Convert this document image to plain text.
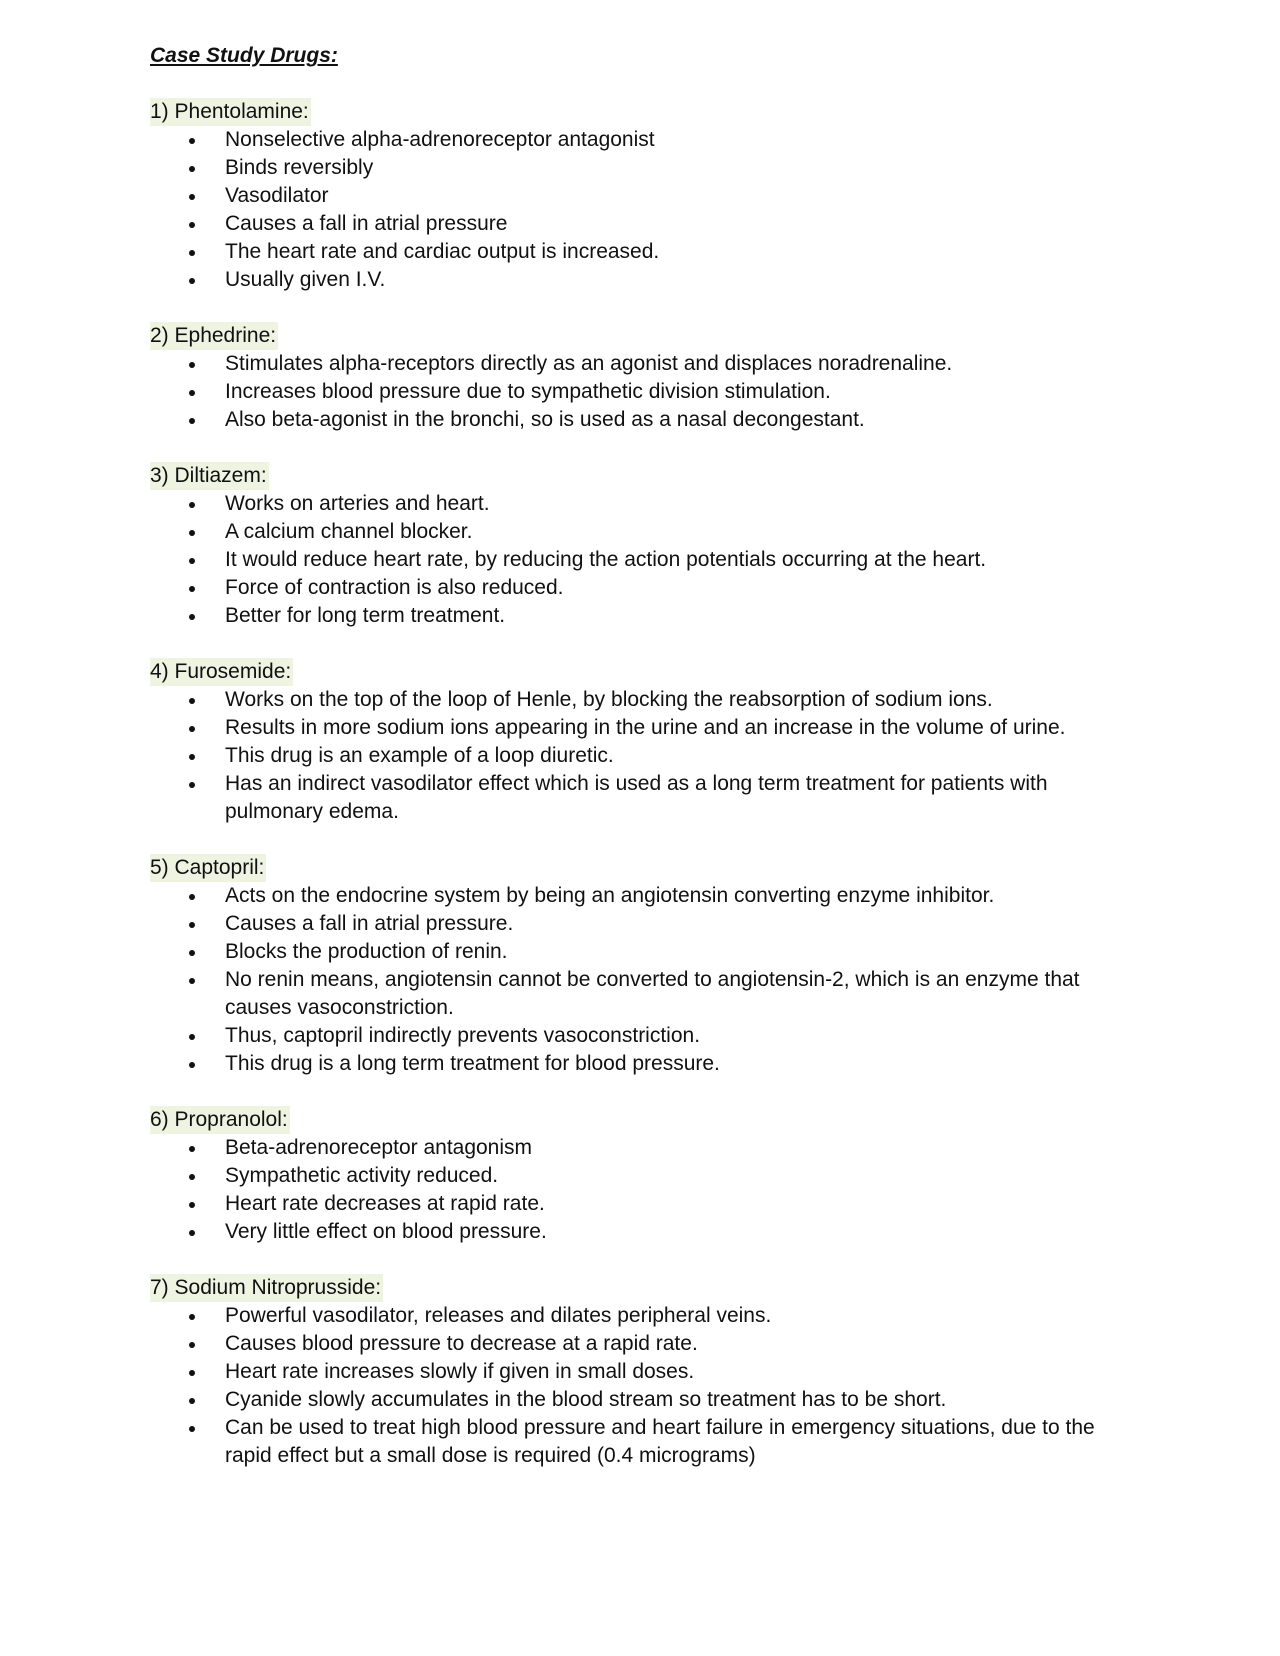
Case Study Drugs:
1) Phentolamine:
Nonselective alpha-adrenoreceptor antagonist
Binds reversibly
Vasodilator
Causes a fall in atrial pressure
The heart rate and cardiac output is increased.
Usually given I.V.
2) Ephedrine:
Stimulates alpha-receptors directly as an agonist and displaces noradrenaline.
Increases blood pressure due to sympathetic division stimulation.
Also beta-agonist in the bronchi, so is used as a nasal decongestant.
3) Diltiazem:
Works on arteries and heart.
A calcium channel blocker.
It would reduce heart rate, by reducing the action potentials occurring at the heart.
Force of contraction is also reduced.
Better for long term treatment.
4) Furosemide:
Works on the top of the loop of Henle, by blocking the reabsorption of sodium ions.
Results in more sodium ions appearing in the urine and an increase in the volume of urine.
This drug is an example of a loop diuretic.
Has an indirect vasodilator effect which is used as a long term treatment for patients with pulmonary edema.
5) Captopril:
Acts on the endocrine system by being an angiotensin converting enzyme inhibitor.
Causes a fall in atrial pressure.
Blocks the production of renin.
No renin means, angiotensin cannot be converted to angiotensin-2, which is an enzyme that causes vasoconstriction.
Thus, captopril indirectly prevents vasoconstriction.
This drug is a long term treatment for blood pressure.
6) Propranolol:
Beta-adrenoreceptor antagonism
Sympathetic activity reduced.
Heart rate decreases at rapid rate.
Very little effect on blood pressure.
7) Sodium Nitroprusside:
Powerful vasodilator, releases and dilates peripheral veins.
Causes blood pressure to decrease at a rapid rate.
Heart rate increases slowly if given in small doses.
Cyanide slowly accumulates in the blood stream so treatment has to be short.
Can be used to treat high blood pressure and heart failure in emergency situations, due to the rapid effect but a small dose is required (0.4 micrograms)
